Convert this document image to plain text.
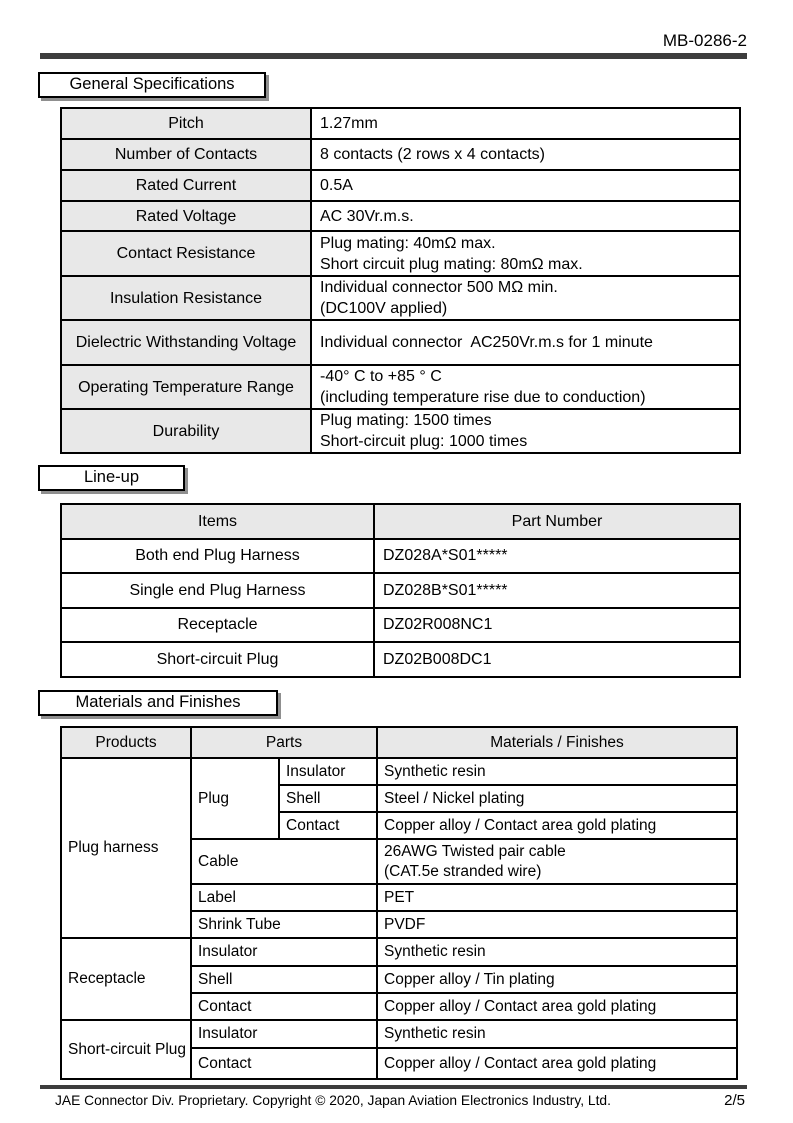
MB-0286-2
General Specifications
Pitch	1.27mm

Number of Contacts	8 contacts (2 rows x 4 contacts)

Rated Current	0.5A

Rated Voltage	AC 30Vr.m.s.

Contact Resistance	Plug mating: 40mΩ max.
Short circuit plug mating: 80mΩ max.

Insulation Resistance	Individual connector 500 MΩ min.
(DC100V applied)

Dielectric Withstanding Voltage	Individual connector  AC250Vr.m.s for 1 minute

Operating Temperature Range	-40° C to +85 ° C
(including temperature rise due to conduction)

Durability	Plug mating: 1500 times
Short-circuit plug: 1000 times
Line-up
Items	Part Number
Both end Plug Harness	DZ028A*S01*****
Single end Plug Harness	DZ028B*S01*****
Receptacle	DZ02R008NC1
Short-circuit Plug	DZ02B008DC1
Materials and Finishes
Products	Parts		Materials / Finishes
Plug harness	Plug	Insulator	Synthetic resin
		Shell	Steel / Nickel plating
		Contact	Copper alloy / Contact area gold plating
	Cable		26AWG Twisted pair cable
(CAT.5e stranded wire)

	Label		PET
	Shrink Tube		PVDF
Receptacle	Insulator		Synthetic resin
	Shell		Copper alloy / Tin plating
	Contact		Copper alloy / Contact area gold plating
Short-circuit Plug	Insulator		Synthetic resin
	Contact		Copper alloy / Contact area gold plating
JAE Connector Div. Proprietary. Copyright © 2020, Japan Aviation Electronics Industry, Ltd.	2/5
